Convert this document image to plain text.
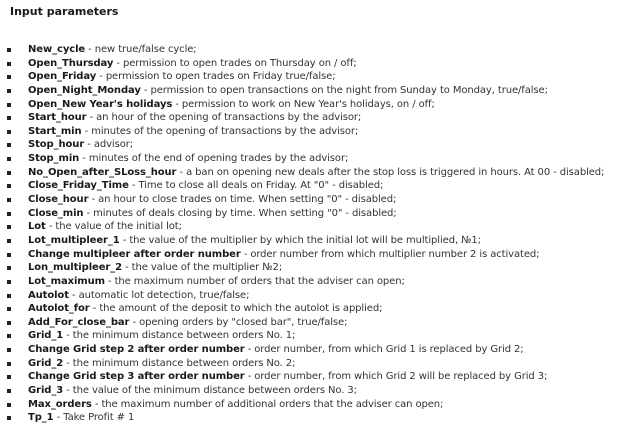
Input parameters
New_cycle - new true/false cycle;
Open_Thursday - permission to open trades on Thursday on / off;
Open_Friday - permission to open trades on Friday true/false;
Open_Night_Monday - permission to open transactions on the night from Sunday to Monday, true/false;
Open_New Year's holidays - permission to work on New Year's holidays, on / off;
Start_hour - an hour of the opening of transactions by the advisor;
Start_min - minutes of the opening of transactions by the advisor;
Stop_hour - advisor;
Stop_min - minutes of the end of opening trades by the advisor;
No_Open_after_SLoss_hour - a ban on opening new deals after the stop loss is triggered in hours. At 00 - disabled;
Close_Friday_Time - Time to close all deals on Friday. At "0" - disabled;
Close_hour - an hour to close trades on time. When setting "0" - disabled;
Close_min - minutes of deals closing by time. When setting "0" - disabled;
Lot - the value of the initial lot;
Lot_multipleer_1 - the value of the multiplier by which the initial lot will be multiplied, №1;
Change multipleer after order number - order number from which multiplier number 2 is activated;
Lon_multipleer_2 - the value of the multiplier №2;
Lot_maximum - the maximum number of orders that the adviser can open;
Autolot - automatic lot detection, true/false;
Autolot_for - the amount of the deposit to which the autolot is applied;
Add_For_close_bar - opening orders by "closed bar", true/false;
Grid_1 - the minimum distance between orders No. 1;
Change Grid step 2 after order number - order number, from which Grid 1 is replaced by Grid 2;
Grid_2 - the minimum distance between orders No. 2;
Change Grid step 3 after order number - order number, from which Grid 2 will be replaced by Grid 3;
Grid_3 - the value of the minimum distance between orders No. 3;
Max_orders - the maximum number of additional orders that the adviser can open;
Tp_1 - Take Profit # 1
